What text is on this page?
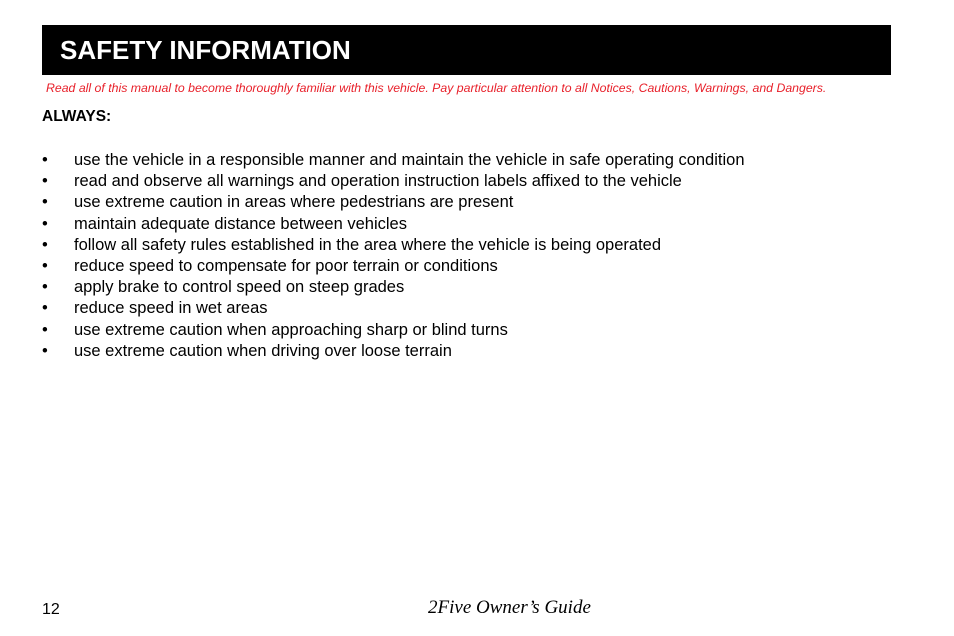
SAFETY INFORMATION
Read all of this manual to become thoroughly familiar with this vehicle. Pay particular attention to all Notices, Cautions, Warnings, and Dangers.
ALWAYS:
• use the vehicle in a responsible manner and maintain the vehicle in safe operating condition
• read and observe all warnings and operation instruction labels affixed to the vehicle
• use extreme caution in areas where pedestrians are present
• maintain adequate distance between vehicles
• follow all safety rules established in the area where the vehicle is being operated
• reduce speed to compensate for poor terrain or conditions
• apply brake to control speed on steep grades
• reduce speed in wet areas
• use extreme caution when approaching sharp or blind turns
• use extreme caution when driving over loose terrain
12	2Five Owner’s Guide
